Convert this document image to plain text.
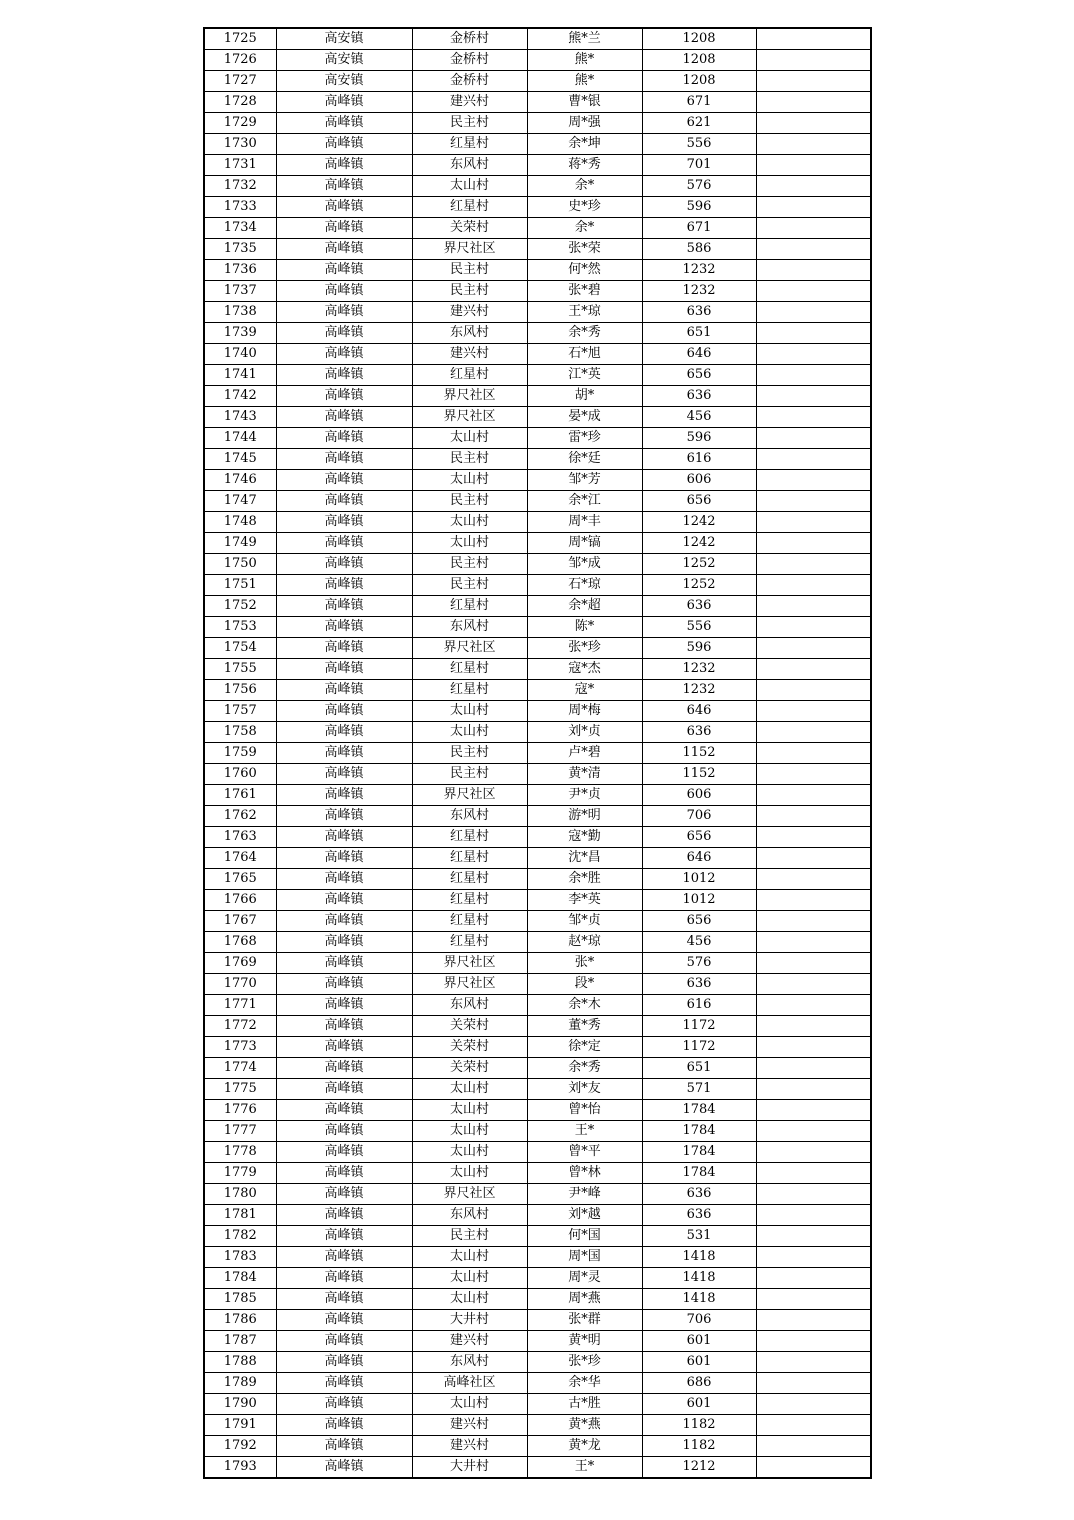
1725	高安镇	金桥村	熊*兰	1208	
1726	高安镇	金桥村	熊*	1208	
1727	高安镇	金桥村	熊*	1208	
1728	高峰镇	建兴村	曹*银	671	
1729	高峰镇	民主村	周*强	621	
1730	高峰镇	红星村	余*坤	556	
1731	高峰镇	东风村	蒋*秀	701	
1732	高峰镇	太山村	余*	576	
1733	高峰镇	红星村	史*珍	596	
1734	高峰镇	关荣村	余*	671	
1735	高峰镇	界尺社区	张*荣	586	
1736	高峰镇	民主村	何*然	1232	
1737	高峰镇	民主村	张*碧	1232	
1738	高峰镇	建兴村	王*琼	636	
1739	高峰镇	东风村	余*秀	651	
1740	高峰镇	建兴村	石*旭	646	
1741	高峰镇	红星村	江*英	656	
1742	高峰镇	界尺社区	胡*	636	
1743	高峰镇	界尺社区	晏*成	456	
1744	高峰镇	太山村	雷*珍	596	
1745	高峰镇	民主村	徐*廷	616	
1746	高峰镇	太山村	邹*芳	606	
1747	高峰镇	民主村	余*江	656	
1748	高峰镇	太山村	周*丰	1242	
1749	高峰镇	太山村	周*镐	1242	
1750	高峰镇	民主村	邹*成	1252	
1751	高峰镇	民主村	石*琼	1252	
1752	高峰镇	红星村	余*超	636	
1753	高峰镇	东风村	陈*	556	
1754	高峰镇	界尺社区	张*珍	596	
1755	高峰镇	红星村	寇*杰	1232	
1756	高峰镇	红星村	寇*	1232	
1757	高峰镇	太山村	周*梅	646	
1758	高峰镇	太山村	刘*贞	636	
1759	高峰镇	民主村	卢*碧	1152	
1760	高峰镇	民主村	黄*清	1152	
1761	高峰镇	界尺社区	尹*贞	606	
1762	高峰镇	东风村	游*明	706	
1763	高峰镇	红星村	寇*勤	656	
1764	高峰镇	红星村	沈*昌	646	
1765	高峰镇	红星村	余*胜	1012	
1766	高峰镇	红星村	李*英	1012	
1767	高峰镇	红星村	邹*贞	656	
1768	高峰镇	红星村	赵*琼	456	
1769	高峰镇	界尺社区	张*	576	
1770	高峰镇	界尺社区	段*	636	
1771	高峰镇	东风村	余*木	616	
1772	高峰镇	关荣村	董*秀	1172	
1773	高峰镇	关荣村	徐*定	1172	
1774	高峰镇	关荣村	余*秀	651	
1775	高峰镇	太山村	刘*友	571	
1776	高峰镇	太山村	曾*怡	1784	
1777	高峰镇	太山村	王*	1784	
1778	高峰镇	太山村	曾*平	1784	
1779	高峰镇	太山村	曾*林	1784	
1780	高峰镇	界尺社区	尹*峰	636	
1781	高峰镇	东风村	刘*越	636	
1782	高峰镇	民主村	何*国	531	
1783	高峰镇	太山村	周*国	1418	
1784	高峰镇	太山村	周*灵	1418	
1785	高峰镇	太山村	周*燕	1418	
1786	高峰镇	大井村	张*群	706	
1787	高峰镇	建兴村	黄*明	601	
1788	高峰镇	东风村	张*珍	601	
1789	高峰镇	高峰社区	余*华	686	
1790	高峰镇	太山村	古*胜	601	
1791	高峰镇	建兴村	黄*燕	1182	
1792	高峰镇	建兴村	黄*龙	1182	
1793	高峰镇	大井村	王*	1212	
